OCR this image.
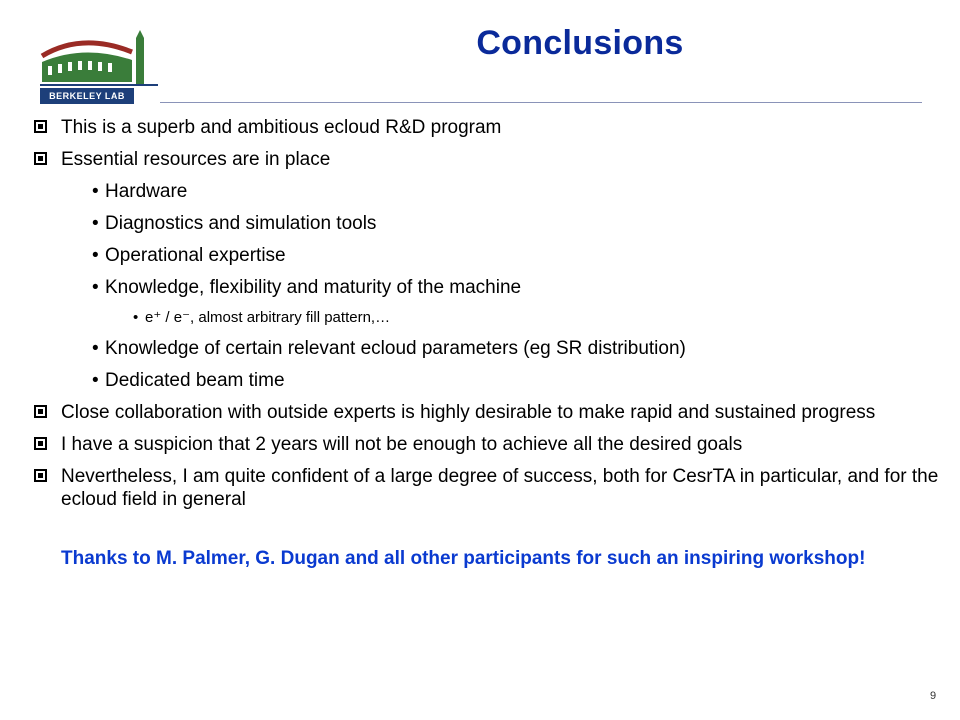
BERKELEY LAB
Conclusions
This is a superb and ambitious ecloud R&D program
Essential resources are in place
• Hardware
• Diagnostics and simulation tools
• Operational expertise
• Knowledge, flexibility and maturity of the machine
• e⁺ / e⁻, almost arbitrary fill pattern,…
• Knowledge of certain relevant ecloud parameters (eg SR distribution)
• Dedicated beam time
Close collaboration with outside experts is highly desirable to make rapid and sustained progress
I have a suspicion that 2 years will not be enough to achieve all the desired goals
Nevertheless, I am quite confident of a large degree of success, both for CesrTA in particular, and for the ecloud field in general
Thanks to M. Palmer, G. Dugan and all other participants for such an inspiring workshop!
9
